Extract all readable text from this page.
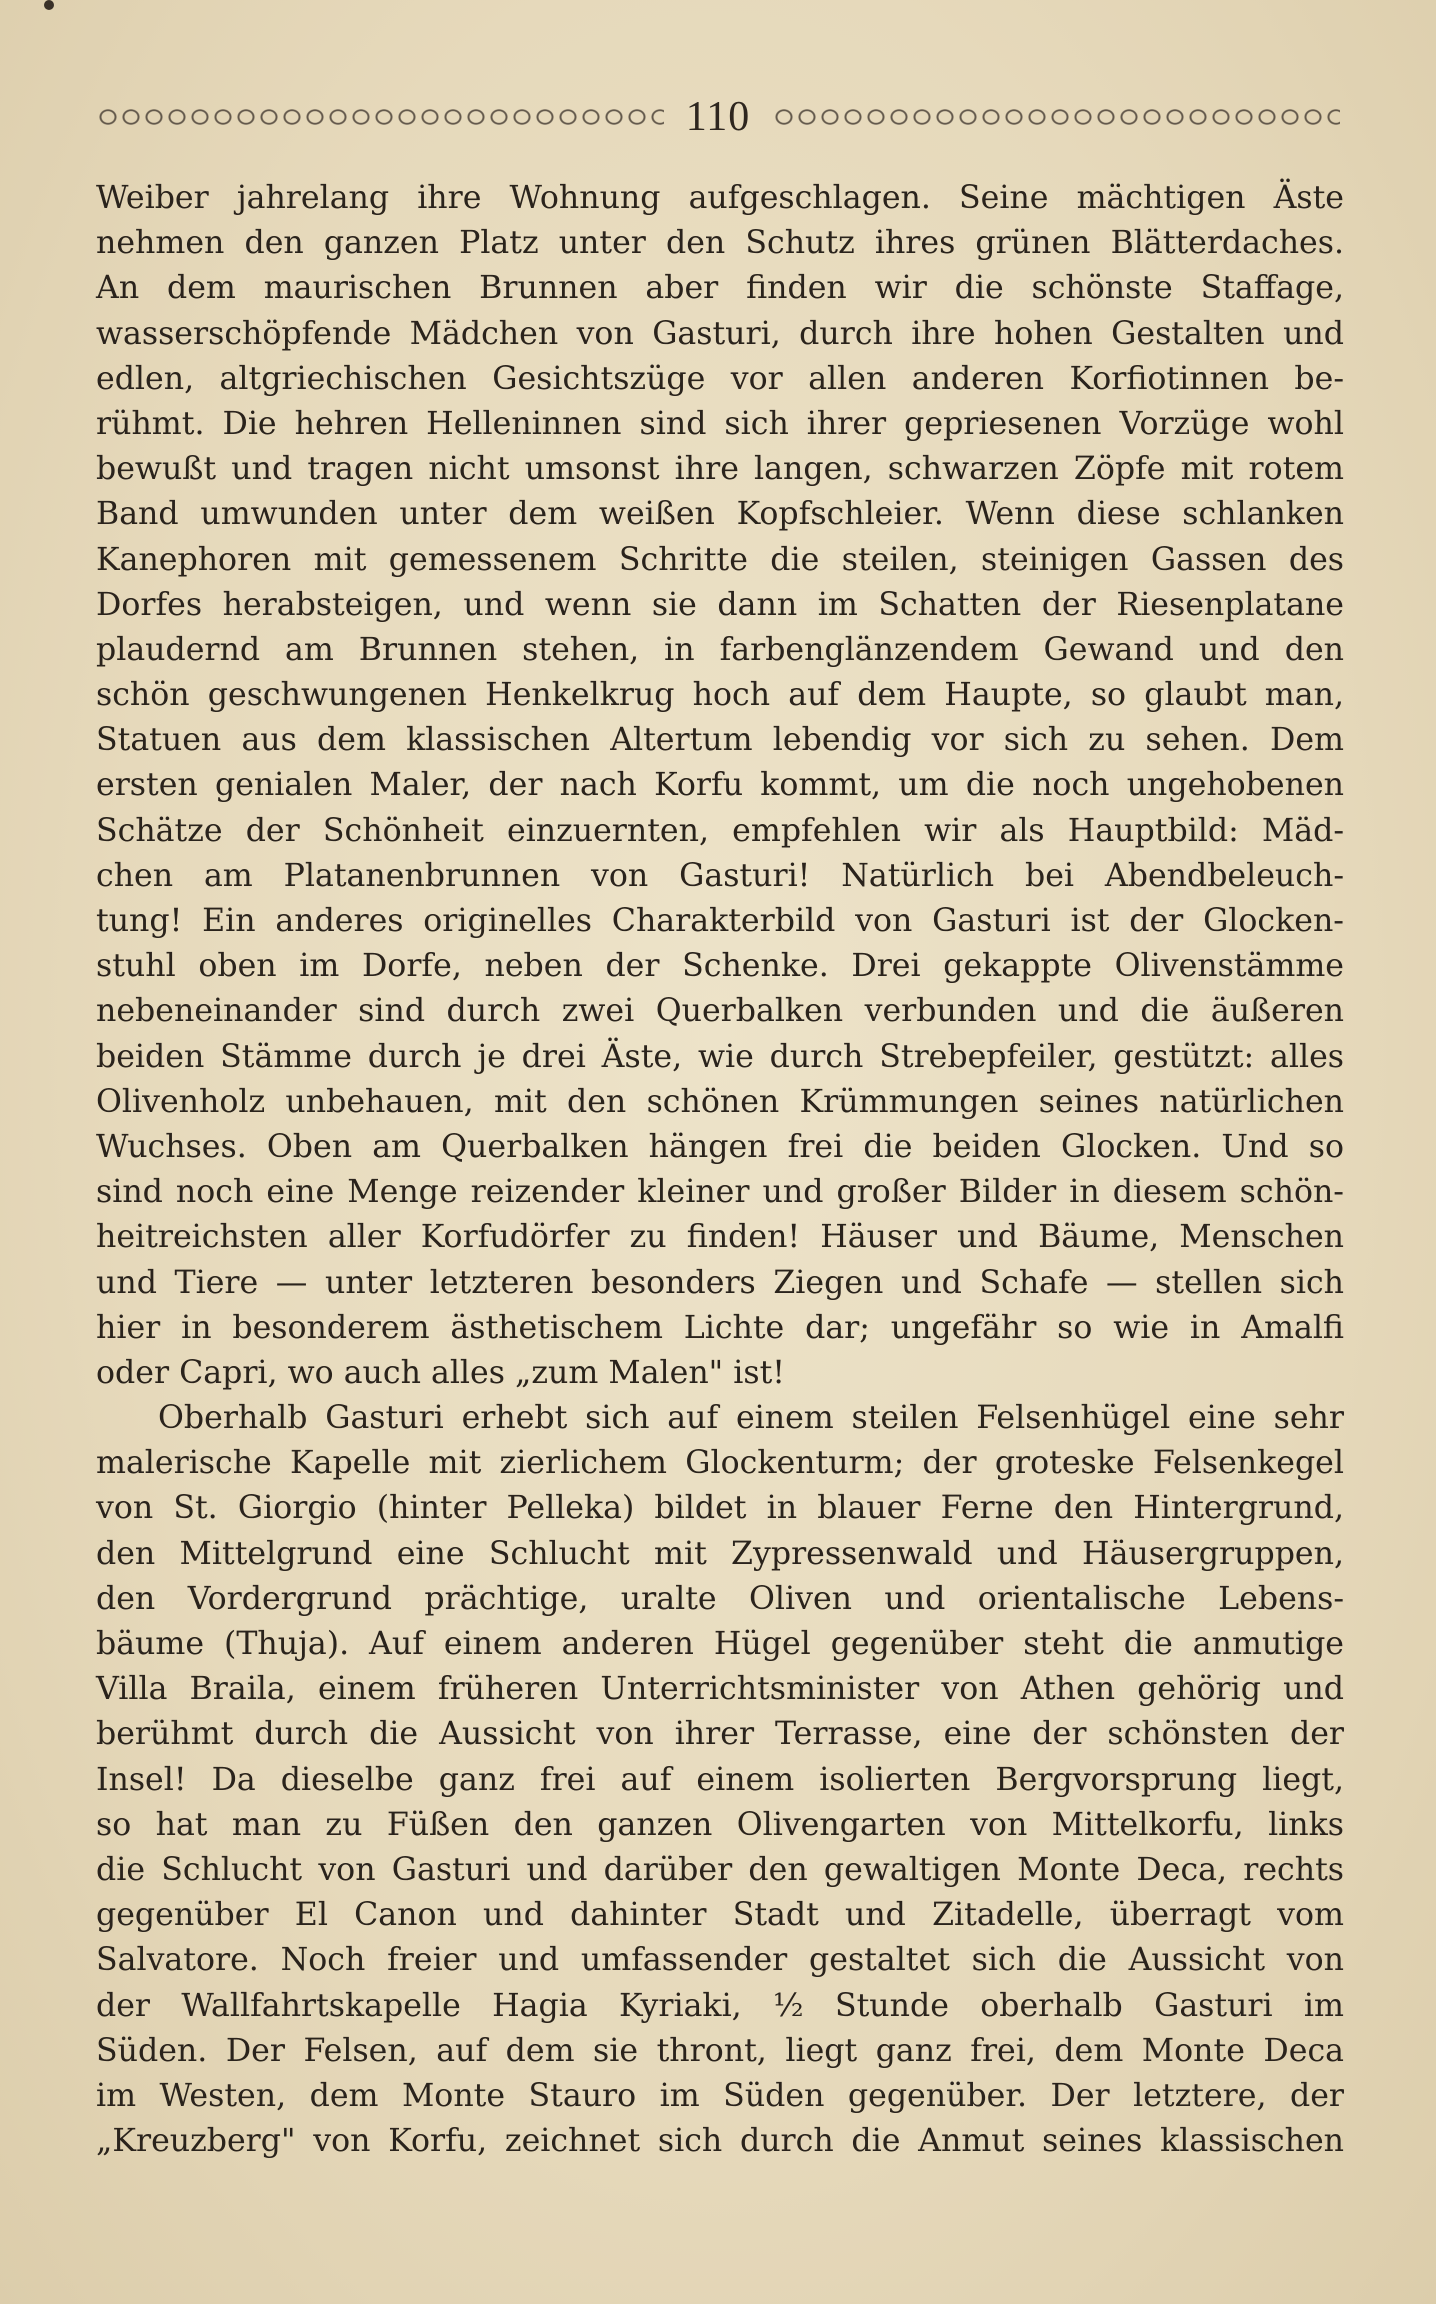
110
Weiber jahrelang ihre Wohnung aufgeschlagen. Seine mächtigen Äste
nehmen den ganzen Platz unter den Schutz ihres grünen Blätterdaches.
An dem maurischen Brunnen aber finden wir die schönste Staffage,
wasserschöpfende Mädchen von Gasturi, durch ihre hohen Gestalten und
edlen, altgriechischen Gesichtszüge vor allen anderen Korfiotinnen be-
rühmt. Die hehren Helleninnen sind sich ihrer gepriesenen Vorzüge wohl
bewußt und tragen nicht umsonst ihre langen, schwarzen Zöpfe mit rotem
Band umwunden unter dem weißen Kopfschleier. Wenn diese schlanken
Kanephoren mit gemessenem Schritte die steilen, steinigen Gassen des
Dorfes herabsteigen, und wenn sie dann im Schatten der Riesenplatane
plaudernd am Brunnen stehen, in farbenglänzendem Gewand und den
schön geschwungenen Henkelkrug hoch auf dem Haupte, so glaubt man,
Statuen aus dem klassischen Altertum lebendig vor sich zu sehen. Dem
ersten genialen Maler, der nach Korfu kommt, um die noch ungehobenen
Schätze der Schönheit einzuernten, empfehlen wir als Hauptbild: Mäd-
chen am Platanenbrunnen von Gasturi! Natürlich bei Abendbeleuch-
tung! Ein anderes originelles Charakterbild von Gasturi ist der Glocken-
stuhl oben im Dorfe, neben der Schenke. Drei gekappte Olivenstämme
nebeneinander sind durch zwei Querbalken verbunden und die äußeren
beiden Stämme durch je drei Äste, wie durch Strebepfeiler, gestützt: alles
Olivenholz unbehauen, mit den schönen Krümmungen seines natürlichen
Wuchses. Oben am Querbalken hängen frei die beiden Glocken. Und so
sind noch eine Menge reizender kleiner und großer Bilder in diesem schön-
heitreichsten aller Korfudörfer zu finden! Häuser und Bäume, Menschen
und Tiere — unter letzteren besonders Ziegen und Schafe — stellen sich
hier in besonderem ästhetischem Lichte dar; ungefähr so wie in Amalfi
oder Capri, wo auch alles „zum Malen" ist!
Oberhalb Gasturi erhebt sich auf einem steilen Felsenhügel eine sehr
malerische Kapelle mit zierlichem Glockenturm; der groteske Felsenkegel
von St. Giorgio (hinter Pelleka) bildet in blauer Ferne den Hintergrund,
den Mittelgrund eine Schlucht mit Zypressenwald und Häusergruppen,
den Vordergrund prächtige, uralte Oliven und orientalische Lebens-
bäume (Thuja). Auf einem anderen Hügel gegenüber steht die anmutige
Villa Braila, einem früheren Unterrichtsminister von Athen gehörig und
berühmt durch die Aussicht von ihrer Terrasse, eine der schönsten der
Insel! Da dieselbe ganz frei auf einem isolierten Bergvorsprung liegt,
so hat man zu Füßen den ganzen Olivengarten von Mittelkorfu, links
die Schlucht von Gasturi und darüber den gewaltigen Monte Deca, rechts
gegenüber El Canon und dahinter Stadt und Zitadelle, überragt vom
Salvatore. Noch freier und umfassender gestaltet sich die Aussicht von
der Wallfahrtskapelle Hagia Kyriaki, ½ Stunde oberhalb Gasturi im
Süden. Der Felsen, auf dem sie thront, liegt ganz frei, dem Monte Deca
im Westen, dem Monte Stauro im Süden gegenüber. Der letztere, der
„Kreuzberg" von Korfu, zeichnet sich durch die Anmut seines klassischen
